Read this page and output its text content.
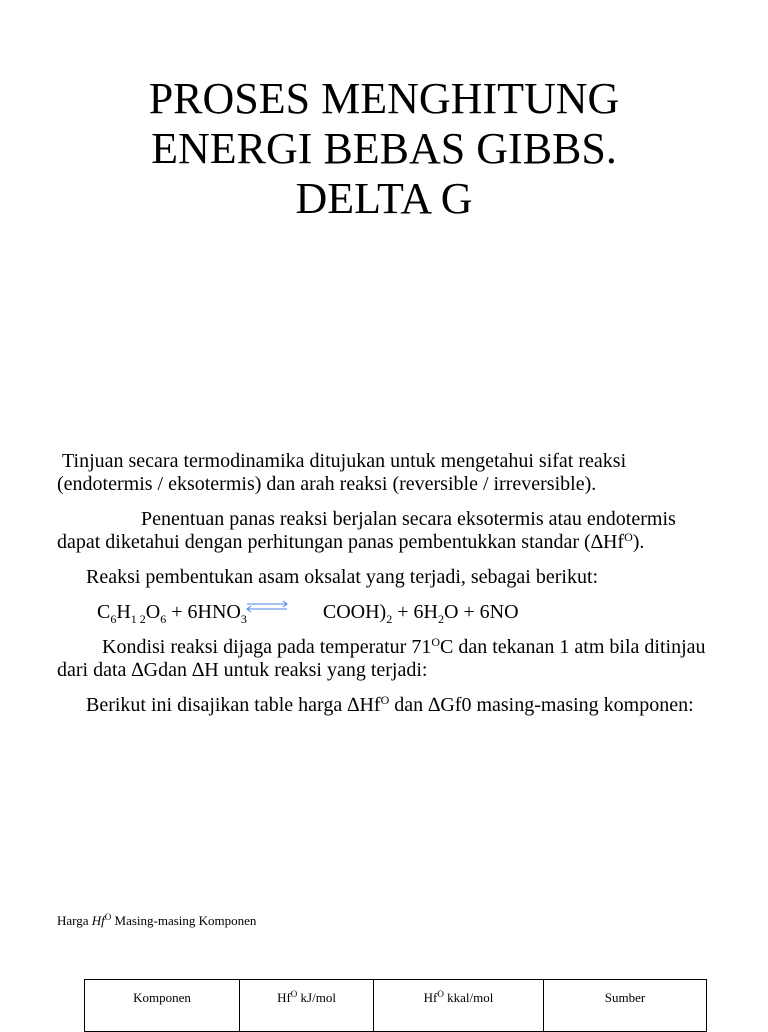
PROSES MENGHITUNG
ENERGI BEBAS GIBBS.
DELTA G

Tinjuan secara termodinamika ditujukan untuk mengetahui sifat reaksi (endotermis / eksotermis) dan arah reaksi (reversible / irreversible).

Penentuan panas reaksi berjalan secara eksotermis atau endotermis dapat diketahui dengan perhitungan panas pembentukkan standar $(\Delta Hf^O)$.

Reaksi pembentukan asam oksalat yang terjadi, sebagai berikut:

$C_6H_{1 2}O_6 + 6HNO_3$	$COOH)_2 + 6H_2O + 6NO$

Kondisi reaksi dijaga pada temperatur $71^OC$ dan tekanan 1 atm bila ditinjau dari data ∆Gdan ∆H untuk reaksi yang terjadi:

Berikut ini disajikan table harga $\Delta Hf^O$ dan ∆Gf0 masing-masing komponen:

Harga $Hf^O$ Masing-masing Komponen
Komponen	$Hf^O$ kJ/mol	$Hf^O$ kkal/mol	Sumber
